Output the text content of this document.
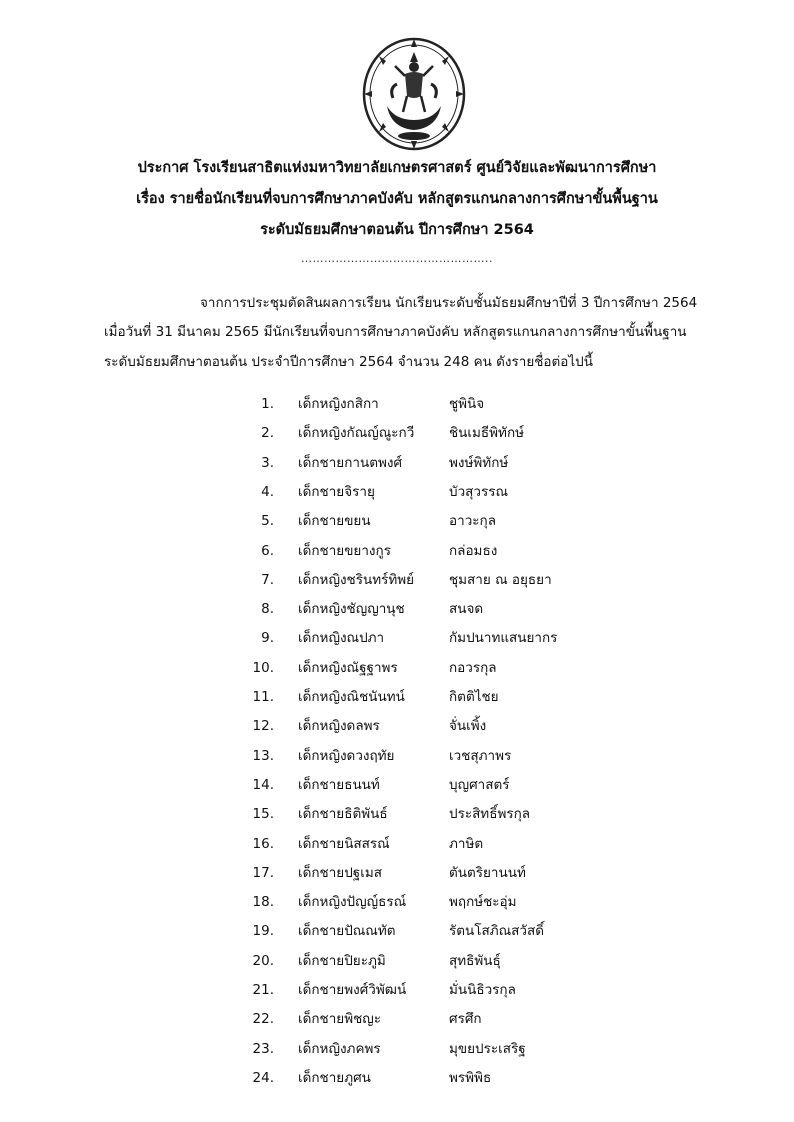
ประกาศ โรงเรียนสาธิตแห่งมหาวิทยาลัยเกษตรศาสตร์ ศูนย์วิจัยและพัฒนาการศึกษา
เรื่อง รายชื่อนักเรียนที่จบการศึกษาภาคบังคับ หลักสูตรแกนกลางการศึกษาขั้นพื้นฐาน
ระดับมัธยมศึกษาตอนต้น ปีการศึกษา 2564
…………………………………………..
จากการประชุมตัดสินผลการเรียน นักเรียนระดับชั้นมัธยมศึกษาปีที่ 3 ปีการศึกษา 2564
เมื่อวันที่ 31 มีนาคม 2565 มีนักเรียนที่จบการศึกษาภาคบังคับ หลักสูตรแกนกลางการศึกษาขั้นพื้นฐาน
ระดับมัธยมศึกษาตอนต้น ประจำปีการศึกษา 2564 จำนวน 248 คน ดังรายชื่อต่อไปนี้
1. เด็กหญิงกสิกา	ชูพินิจ
2. เด็กหญิงกัณญ์ณูะกวี	ชินเมธีพิทักษ์
3. เด็กชายกานตพงศ์	พงษ์พิทักษ์
4. เด็กชายจิรายุ	บัวสุวรรณ
5. เด็กชายขยน	อาวะกุล
6. เด็กชายขยางกูร	กล่อมธง
7. เด็กหญิงชรินทร์ทิพย์	ชุมสาย ณ อยุธยา
8. เด็กหญิงชัญญานุช	สนจด
9. เด็กหญิงณปภา	กัมปนาทแสนยากร
10. เด็กหญิงณัฐฐาพร	กอวรกุล
11. เด็กหญิงณิชนันทน์	กิตติไชย
12. เด็กหญิงดลพร	จั่นเพิ้ง
13. เด็กหญิงดวงฤทัย	เวชสุภาพร
14. เด็กชายธนนท์	บุญศาสตร์
15. เด็กชายธิติพันธ์	ประสิทธิ์พรกุล
16. เด็กชายนิสสรณ์	ภาษิต
17. เด็กชายปฐเมส	ตันตริยานนท์
18. เด็กหญิงปัญญ์ธรณ์	พฤกษ์ชะอุ่ม
19. เด็กชายปัณณทัต	รัตนโสภิณสวัสดิ์
20. เด็กชายปิยะภูมิ	สุทธิพันธุ์
21. เด็กชายพงศ์วิพัฒน์	มั่นนิธิวรกุล
22. เด็กชายพิชญะ	ศรศึก
23. เด็กหญิงภคพร	มุขยประเสริฐ
24. เด็กชายภูศน	พรพิพิธ
